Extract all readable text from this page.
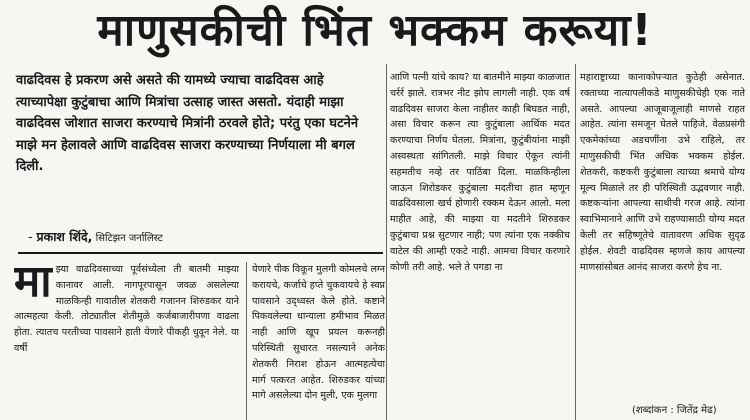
माणुसकीची भिंत भक्कम करूया!
वाढदिवस हे प्रकरण असे असते की यामध्ये ज्याचा वाढदिवस आहे त्याच्यापेक्षा कुटुंबाचा आणि मित्रांचा उत्साह जास्त असतो. यंदाही माझा वाढदिवस जोशात साजरा करण्याचे मित्रांनी ठरवले होते; परंतु एका घटनेने माझे मन हेलावले आणि वाढदिवस साजरा करण्याच्या निर्णयाला मी बगल दिली.
- प्रकाश शिंदे, सिटिझन जर्नालिस्ट
माझ्या वाढदिवसाच्या पूर्वसंध्येला ती बातमी माझ्या कानावर आली. नागपूरपासून जवळ असलेल्या माळकिन्ही गावातील शेतकरी गजानन शिरुडकर याने आत्महत्या केली. तोट्यातील शेतीमुळे कर्जबाजारीपणा वाढला होता. त्यातच परतीच्या पावसाने हाती येणारे पीकही धुवून नेले. या वर्षी
येणारे पीक विकून मुलगी कोमलचे लग्न करायचे, कर्जाचे हप्ते चुकवायचे हे स्वप्न पावसाने उद्ध्वस्त केले होते. कष्टाने पिकवलेल्या धान्याला हमीभाव मिळत नाही आणि खूप प्रयत्न करूनही परिस्थिती सुधारत नसल्याने अनेक शेतकरी निराश होऊन आत्महत्येचा मार्ग पत्करत आहेत. शिरुडकर यांच्या मागे असलेल्या दोन मुली, एक मुलगा
आणि पत्नी यांचे काय? या बातमीने माझ्या काळजात चर्रर्र झाले. रात्रभर नीट झोप लागली नाही. एक वर्ष वाढदिवस साजरा केला नाहीतर काही बिघडत नाही, असा विचार करून त्या कुटुंबाला आर्थिक मदत करण्याचा निर्णय घेतला. मित्रांना, कुटुंबीयांना माझी अस्वस्थता सांगितली. माझे विचार ऐकून त्यांनी सहमतीच नव्हे तर पाठिंबा दिला. माळकिन्हीला जाऊन शिरोडकर कुटुंबाला मदतीचा हात म्हणून वाढदिवसाला खर्च होणारी रक्कम देऊन आलो. मला माहीत आहे, की माझ्या या मदतीने शिरुडकर कुटुंबाचा प्रश्न सुटणार नाही; पण त्यांना एक नक्कीच वाटेल की आम्ही एकटे नाही. आमचा विचार करणारे कोणी तरी आहे. भले ते पगडा ना
महाराष्ट्राच्या कानाकोपऱ्यात कुठेही असेनात. रक्ताच्या नात्यापलीकडे माणुसकीचेही एक नाते असते. आपल्या आजूबाजूलाही माणसे राहत आहेत. त्यांना समजून घेतले पाहिजे. वेळप्रसंगी एकमेकांच्या अडचणींना उभे राहिले, तर माणुसकीची भिंत अधिक भक्कम होईल. शेतकरी, कष्टकरी कुटुंबाला त्याच्या श्रमाचे योग्य मूल्य मिळाले तर ही परिस्थिती उद्भवणार नाही. कष्टकऱ्यांना आपल्या साथीची गरज आहे. त्यांना स्वाभिमानाने आणि उभे राहण्यासाठी योग्य मदत केली तर सहिष्णूतेचे वातावरण अधिक सुदृढ होईल. शेवटी वाढदिवस म्हणजे काय आपल्या माणसांसोबत आनंद साजरा करणे हेच ना.
(शब्दांकन : जितेंद्र मेढ)
